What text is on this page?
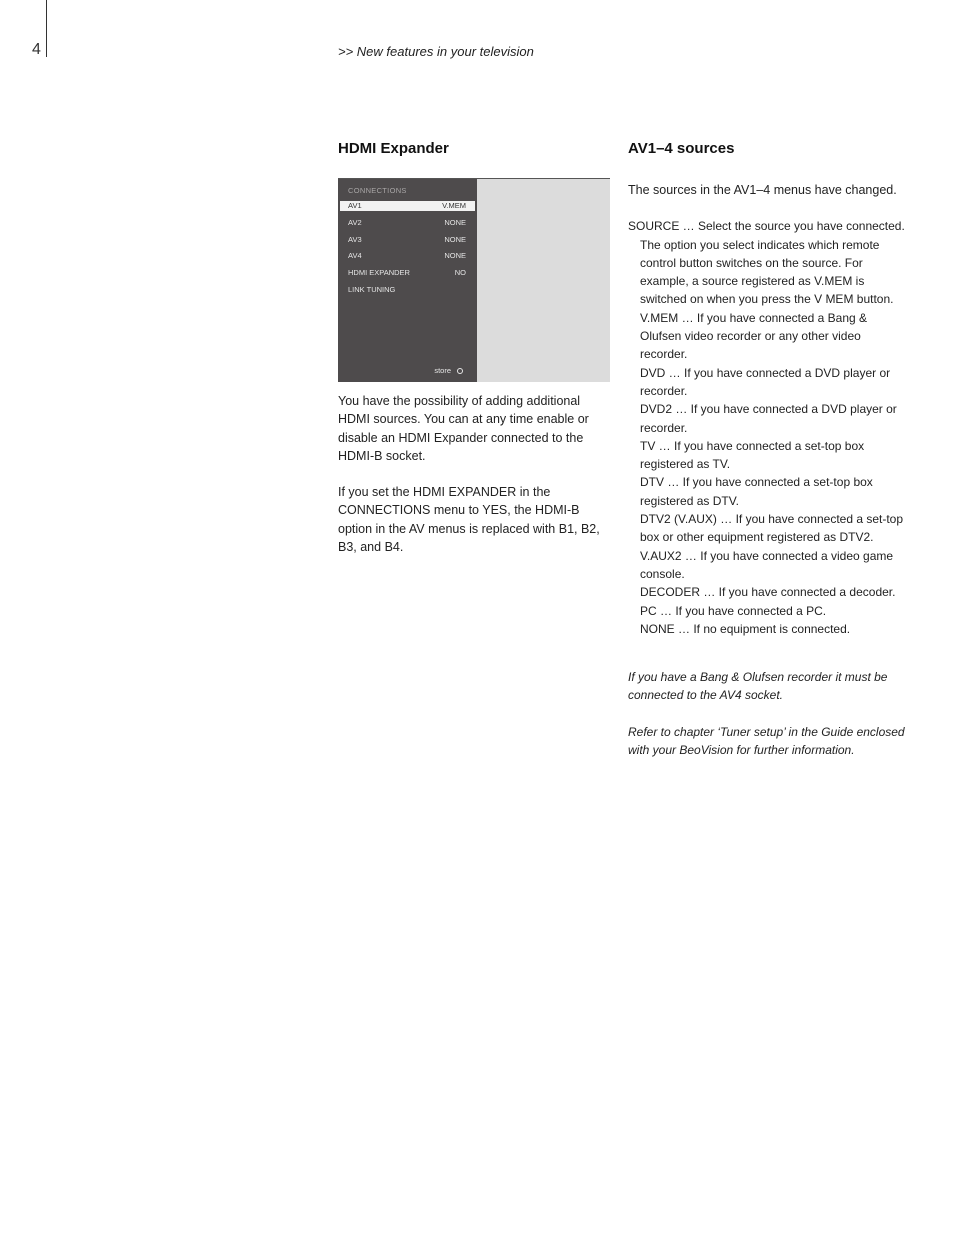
4	>> New features in your television
HDMI Expander
CONNECTIONS
AV1	V.MEM
AV2	NONE
AV3	NONE
AV4	NONE
HDMI EXPANDER	NO
LINK TUNING
store

You have the possibility of adding additional HDMI sources. You can at any time enable or disable an HDMI Expander connected to the HDMI-B socket.

If you set the HDMI EXPANDER in the CONNECTIONS menu to YES, the HDMI-B option in the AV menus is replaced with B1, B2, B3, and B4.

AV1–4 sources

The sources in the AV1–4 menus have changed.

SOURCE … Select the source you have connected. The option you select indicates which remote control button switches on the source. For example, a source registered as V.MEM is switched on when you press the V MEM button.
V.MEM … If you have connected a Bang & Olufsen video recorder or any other video recorder.
DVD … If you have connected a DVD player or recorder.
DVD2 … If you have connected a DVD player or recorder.
TV … If you have connected a set-top box registered as TV.
DTV … If you have connected a set-top box registered as DTV.
DTV2 (V.AUX) … If you have connected a set-top box or other equipment registered as DTV2.
V.AUX2 … If you have connected a video game console.
DECODER … If you have connected a decoder.
PC … If you have connected a PC.
NONE … If no equipment is connected.

If you have a Bang & Olufsen recorder it must be connected to the AV4 socket.

Refer to chapter ‘Tuner setup’ in the Guide enclosed with your BeoVision for further information.
